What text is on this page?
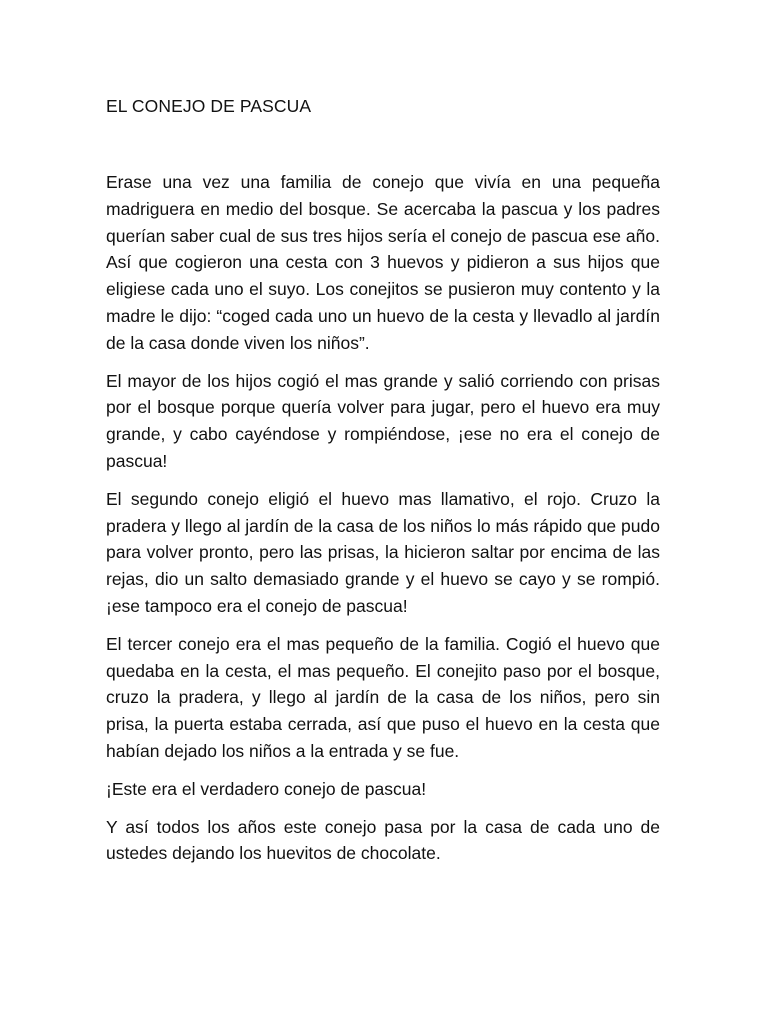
EL CONEJO DE PASCUA

Erase una vez una familia de conejo que vivía en una pequeña madriguera en medio del bosque. Se acercaba la pascua y los padres querían saber cual de sus tres hijos sería el conejo de pascua ese año. Así que cogieron una cesta con 3 huevos y pidieron a sus hijos que eligiese cada uno el suyo. Los conejitos se pusieron muy contento y la madre le dijo: “coged cada uno un huevo de la cesta y llevadlo al jardín de la casa donde viven los niños”.

El mayor de los hijos cogió el mas grande y salió corriendo con prisas por el bosque porque quería volver para jugar, pero el huevo era muy grande, y cabo cayéndose y rompiéndose, ¡ese no era el conejo de pascua!

El segundo conejo eligió el huevo mas llamativo, el rojo. Cruzo la pradera y llego al jardín de la casa de los niños lo más rápido que pudo para volver pronto, pero las prisas, la hicieron saltar por encima de las rejas, dio un salto demasiado grande y el huevo se cayo y se rompió. ¡ese tampoco era el conejo de pascua!

El tercer conejo era el mas pequeño de la familia. Cogió el huevo que quedaba en la cesta, el mas pequeño. El conejito paso por el bosque, cruzo la pradera, y llego al jardín de la casa de los niños, pero sin prisa, la puerta estaba cerrada, así que puso el huevo en la cesta que habían dejado los niños a la entrada y se fue.

¡Este era el verdadero conejo de pascua!

Y así todos los años este conejo pasa por la casa de cada uno de ustedes dejando los huevitos de chocolate.
